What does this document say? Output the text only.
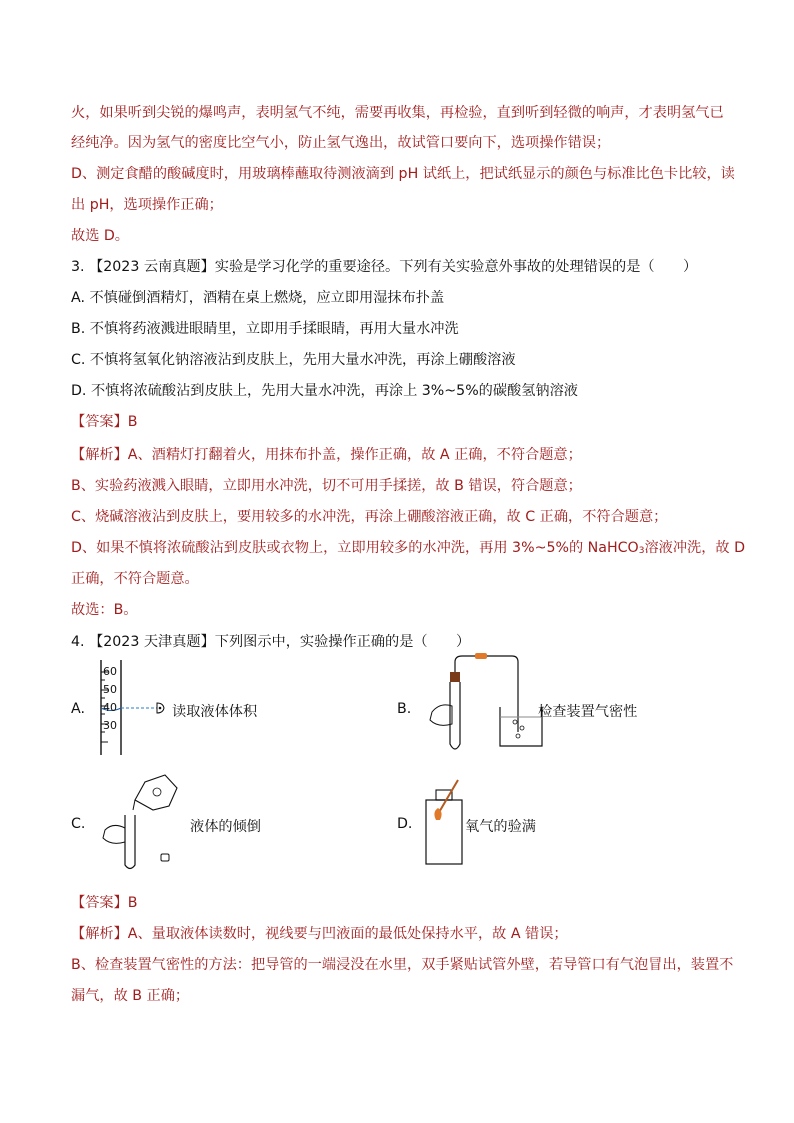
火，如果听到尖锐的爆鸣声，表明氢气不纯，需要再收集，再检验，直到听到轻微的响声，才表明氢气已
经纯净。因为氢气的密度比空气小，防止氢气逸出，故试管口要向下，选项操作错误；
D、测定食醋的酸碱度时，用玻璃棒蘸取待测液滴到 pH 试纸上，把试纸显示的颜色与标准比色卡比较，读
出 pH，选项操作正确；
故选 D。
3. 【2023 云南真题】实验是学习化学的重要途径。下列有关实验意外事故的处理错误的是（　　）
A. 不慎碰倒酒精灯，酒精在桌上燃烧，应立即用湿抹布扑盖
B. 不慎将药液溅进眼睛里，立即用手揉眼睛，再用大量水冲洗
C. 不慎将氢氧化钠溶液沾到皮肤上，先用大量水冲洗，再涂上硼酸溶液
D. 不慎将浓硫酸沾到皮肤上，先用大量水冲洗，再涂上 3%~5%的碳酸氢钠溶液
【答案】B
【解析】A、酒精灯打翻着火，用抹布扑盖，操作正确，故 A 正确，不符合题意；
B、实验药液溅入眼睛，立即用水冲洗，切不可用手揉搓，故 B 错误，符合题意；
C、烧碱溶液沾到皮肤上，要用较多的水冲洗，再涂上硼酸溶液正确，故 C 正确，不符合题意；
D、如果不慎将浓硫酸沾到皮肤或衣物上，立即用较多的水冲洗，再用 3%~5%的 NaHCO$_3$溶液冲洗，故 D
正确，不符合题意。
故选：B。
4. 【2023 天津真题】下列图示中，实验操作正确的是（　　）
A.
60
50
40
30
读取液体体积	B.	检查装置气密性
C.	液体的倾倒	D.	氧气的验满
【答案】B
【解析】A、量取液体读数时，视线要与凹液面的最低处保持水平，故 A 错误；
B、检查装置气密性的方法：把导管的一端浸没在水里，双手紧贴试管外壁，若导管口有气泡冒出，装置不
漏气，故 B 正确；
